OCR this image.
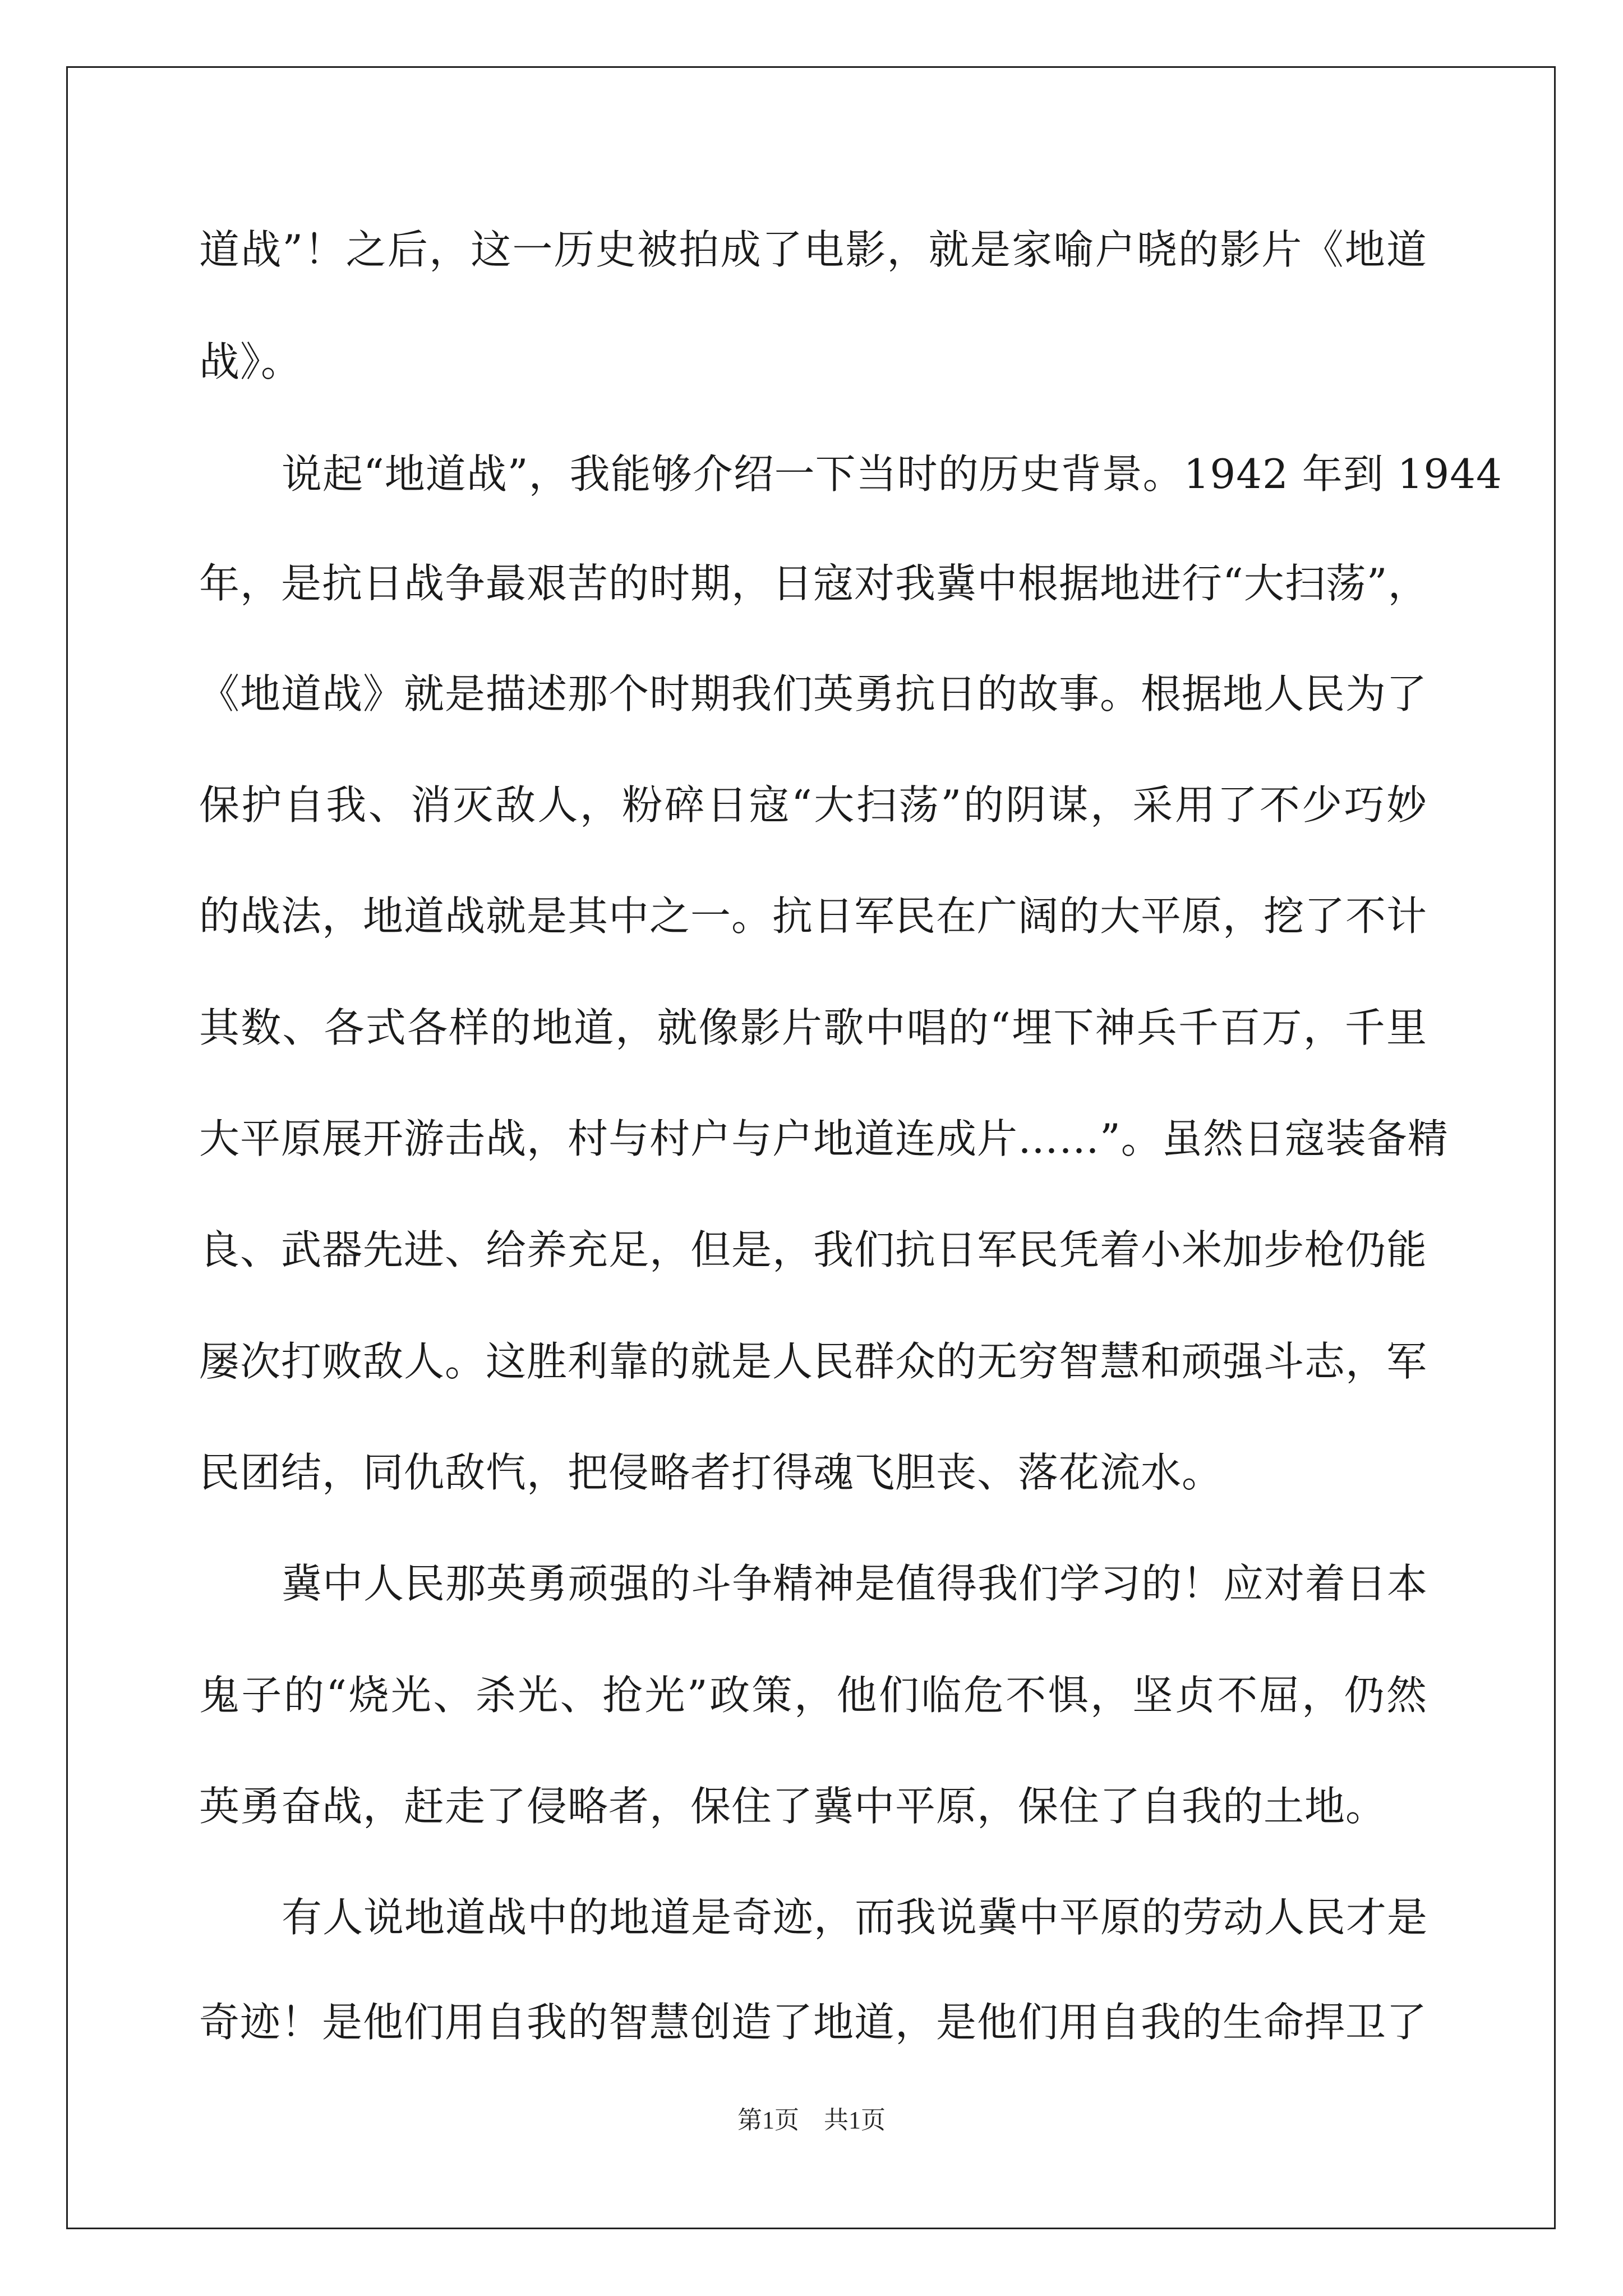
道战”！之后，这一历史被拍成了电影，就是家喻户晓的影片《地道
战》。
说起“地道战”，我能够介绍一下当时的历史背景。1942 年到 1944
年，是抗日战争最艰苦的时期，日寇对我冀中根据地进行“大扫荡”，
《地道战》就是描述那个时期我们英勇抗日的故事。根据地人民为了
保护自我、消灭敌人，粉碎日寇“大扫荡”的阴谋，采用了不少巧妙
的战法，地道战就是其中之一。抗日军民在广阔的大平原，挖了不计
其数、各式各样的地道，就像影片歌中唱的“埋下神兵千百万，千里
大平原展开游击战，村与村户与户地道连成片……”。虽然日寇装备精
良、武器先进、给养充足，但是，我们抗日军民凭着小米加步枪仍能
屡次打败敌人。这胜利靠的就是人民群众的无穷智慧和顽强斗志，军
民团结，同仇敌忾，把侵略者打得魂飞胆丧、落花流水。
冀中人民那英勇顽强的斗争精神是值得我们学习的！应对着日本
鬼子的“烧光、杀光、抢光”政策，他们临危不惧，坚贞不屈，仍然
英勇奋战，赶走了侵略者，保住了冀中平原，保住了自我的土地。
有人说地道战中的地道是奇迹，而我说冀中平原的劳动人民才是
奇迹！是他们用自我的智慧创造了地道，是他们用自我的生命捍卫了
第1页　共1页
